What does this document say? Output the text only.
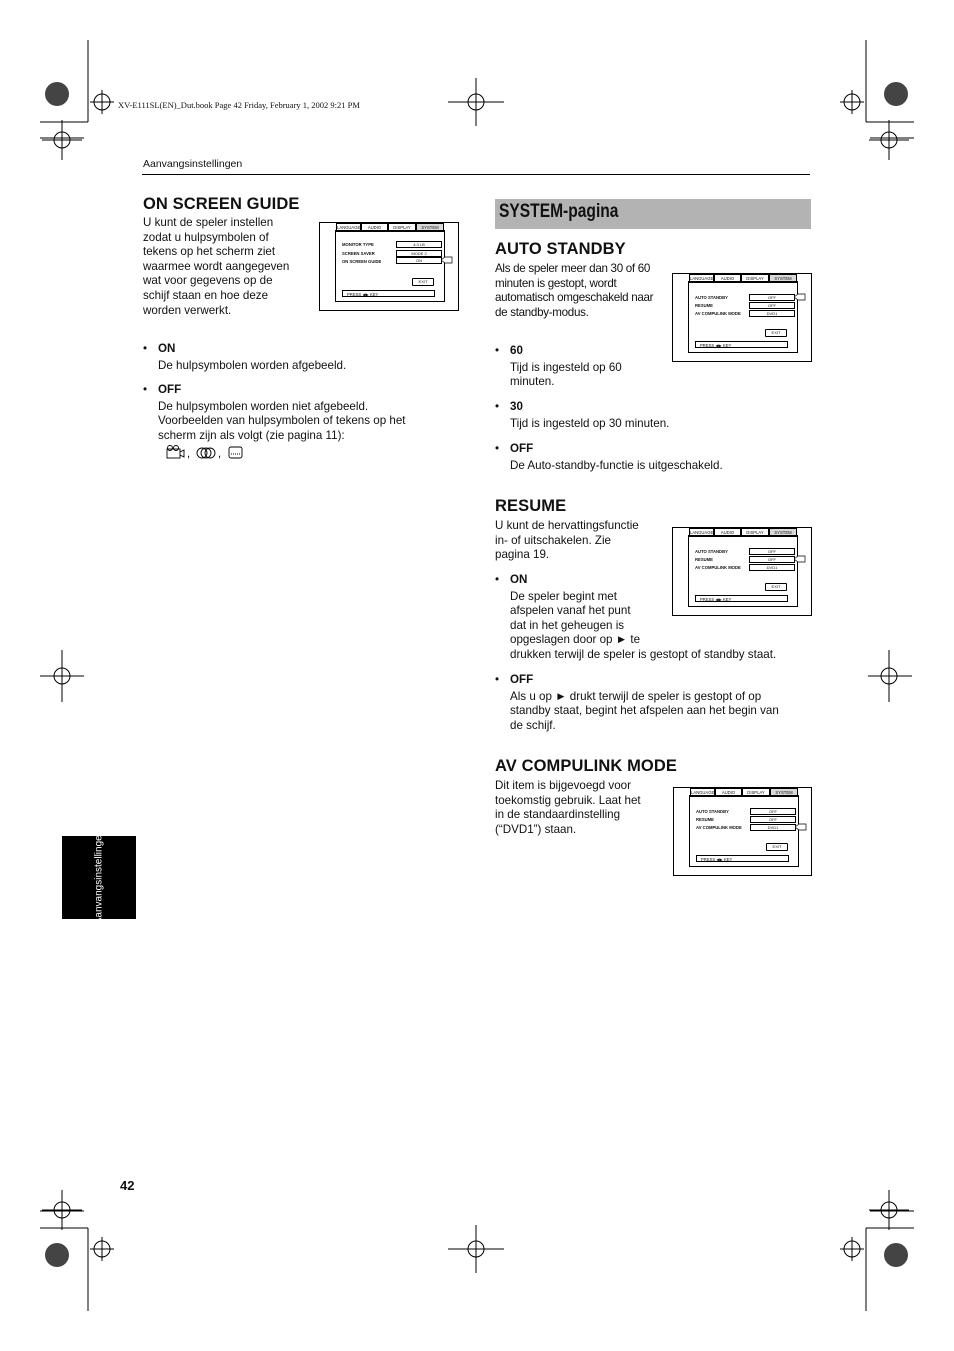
XV-E111SL(EN)_Dut.book Page 42 Friday, February 1, 2002 9:21 PM
Aanvangsinstellingen
ON SCREEN GUIDE
U kunt de speler instellen
zodat u hulpsymbolen of
tekens op het scherm ziet
waarmee wordt aangegeven
wat voor gegevens op de
schijf staan en hoe deze
worden verwerkt.
LANGUAGE	AUDIO	DISPLAY	SYSTEM
MONITOR TYPE	4:3 LB
SCREEN SAVER	MODE 2
ON SCREEN GUIDE	ON
EXIT
PRESS ◀▶ KEY
• ON
De hulpsymbolen worden afgebeeld.
• OFF
De hulpsymbolen worden niet afgebeeld.
Voorbeelden van hulpsymbolen of tekens op het
scherm zijn als volgt (zie pagina 11):
,	,
Aanvangsinstellingen
42
SYSTEM-pagina
AUTO STANDBY
Als de speler meer dan 30 of 60
minuten is gestopt, wordt
automatisch omgeschakeld naar
de standby-modus.
• 60
Tijd is ingesteld op 60
minuten.
• 30
Tijd is ingesteld op 30 minuten.
• OFF
De Auto-standby-functie is uitgeschakeld.
RESUME
U kunt de hervattingsfunctie
in- of uitschakelen. Zie
pagina 19.
• ON
De speler begint met
afspelen vanaf het punt
dat in het geheugen is
opgeslagen door op ► te
drukken terwijl de speler is gestopt of standby staat.
• OFF
Als u op ► drukt terwijl de speler is gestopt of op
standby staat, begint het afspelen aan het begin van
de schijf.
AV COMPULINK MODE
Dit item is bijgevoegd voor
toekomstig gebruik. Laat het
in de standaardinstelling
(“DVD1”) staan.
LANGUAGE	AUDIO	DISPLAY	SYSTEM
AUTO STANDBY	OFF
RESUME	OFF
AV COMPULINK MODE	DVD1
EXIT
PRESS ◀▶ KEY
LANGUAGE	AUDIO	DISPLAY	SYSTEM
AUTO STANDBY	OFF
RESUME	OFF
AV COMPULINK MODE	DVD1
EXIT
PRESS ◀▶ KEY
LANGUAGE	AUDIO	DISPLAY	SYSTEM
AUTO STANDBY	OFF
RESUME	OFF
AV COMPULINK MODE	DVD1
EXIT
PRESS ◀▶ KEY
